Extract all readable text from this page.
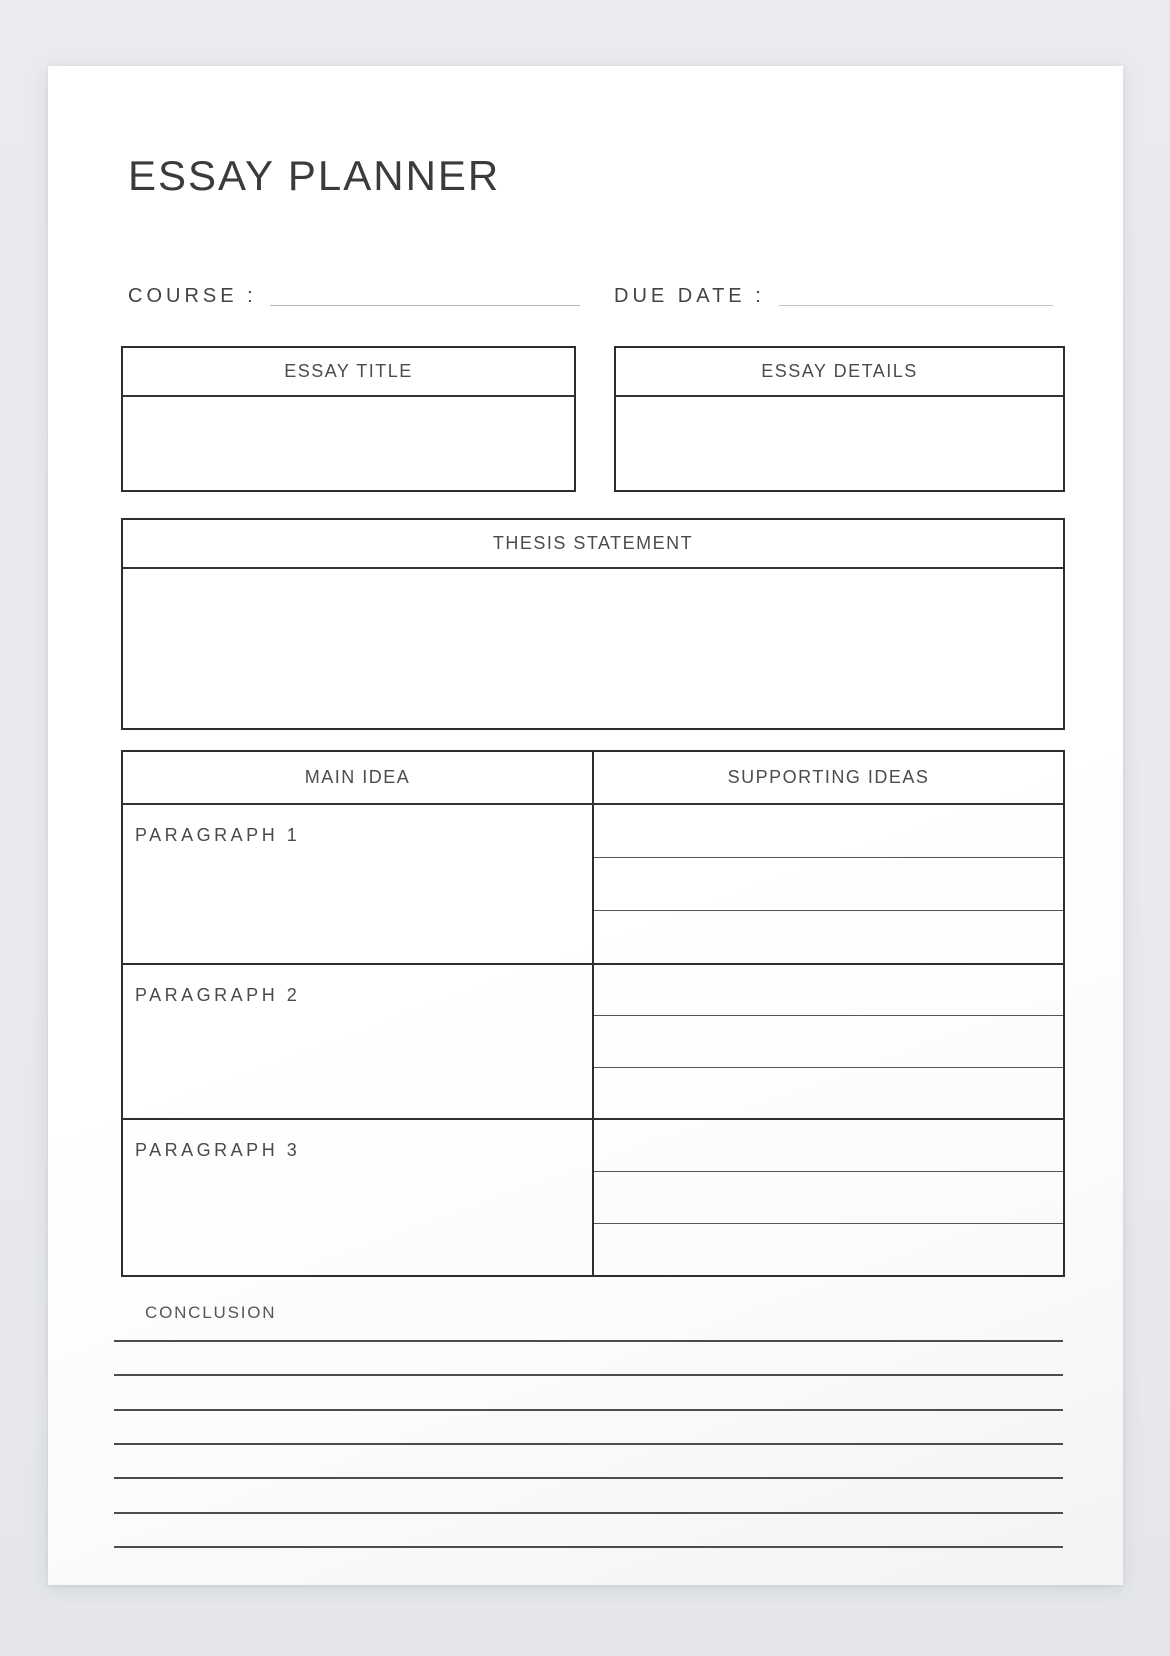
ESSAY PLANNER
COURSE :	DUE DATE :
ESSAY TITLE	ESSAY DETAILS
THESIS STATEMENT
MAIN IDEA	SUPPORTING IDEAS
PARAGRAPH 1
PARAGRAPH 2
PARAGRAPH 3
CONCLUSION
